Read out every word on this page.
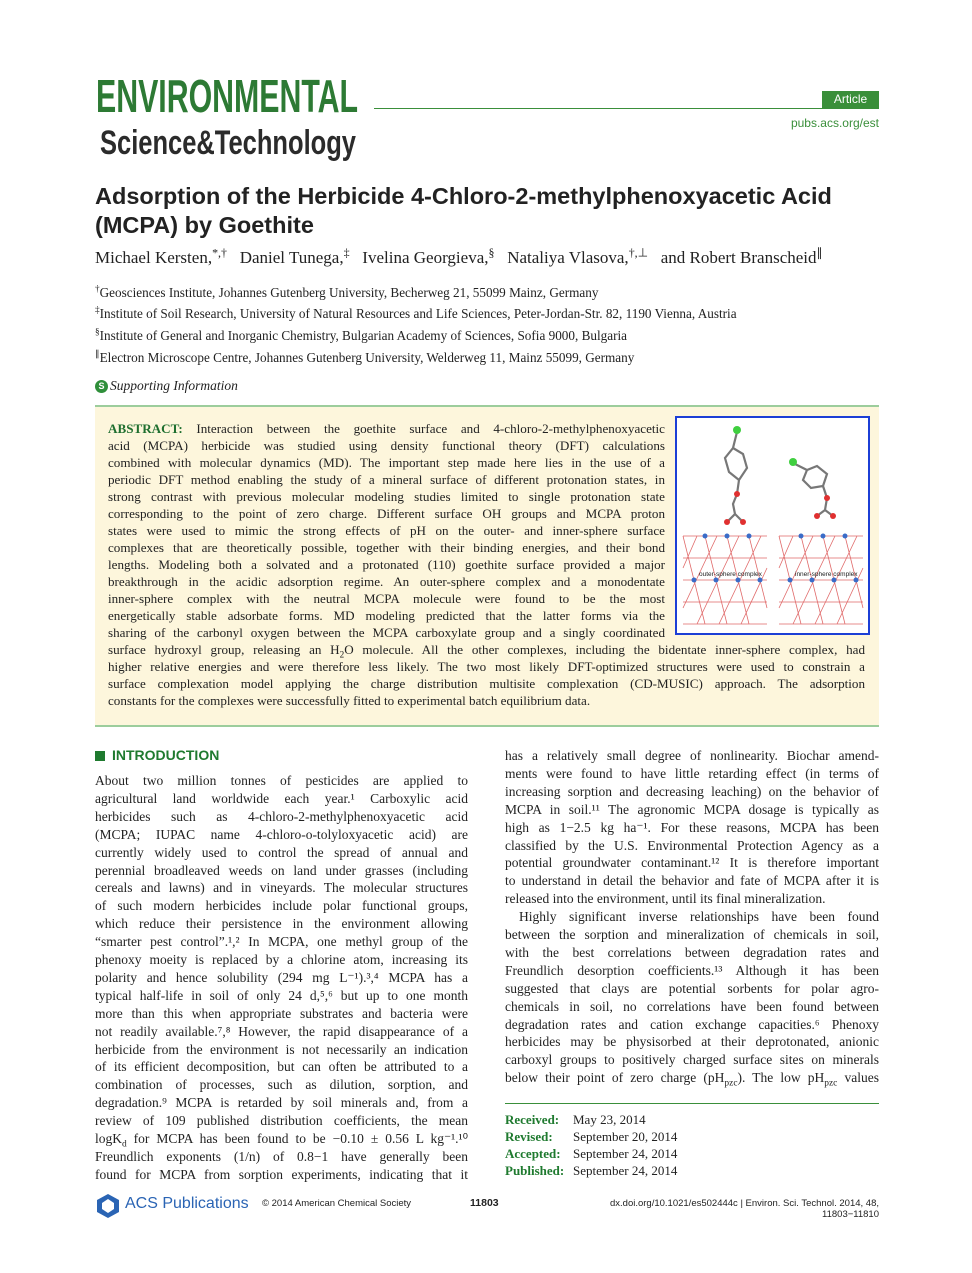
ENVIRONMENTAL
Science&Technology
Article
pubs.acs.org/est
Adsorption of the Herbicide 4-Chloro-2-methylphenoxyacetic Acid
(MCPA) by Goethite
Michael Kersten,*,† Daniel Tunega,‡ Ivelina Georgieva,§ Nataliya Vlasova,†,⊥ and Robert Branscheid∥
†Geosciences Institute, Johannes Gutenberg University, Becherweg 21, 55099 Mainz, Germany
‡Institute of Soil Research, University of Natural Resources and Life Sciences, Peter-Jordan-Str. 82, 1190 Vienna, Austria
§Institute of General and Inorganic Chemistry, Bulgarian Academy of Sciences, Sofia 9000, Bulgaria
∥Electron Microscope Centre, Johannes Gutenberg University, Welderweg 11, Mainz 55099, Germany
S Supporting Information
ABSTRACT: Interaction between the goethite surface and 4-chloro-2-methylphenoxyacetic
acid (MCPA) herbicide was studied using density functional theory (DFT) calculations
combined with molecular dynamics (MD). The important step made here lies in the use of a
periodic DFT method enabling the study of a mineral surface of different protonation states, in
strong contrast with previous molecular modeling studies limited to single protonation state
corresponding to the point of zero charge. Different surface OH groups and MCPA proton
states were used to mimic the strong effects of pH on the outer- and inner-sphere surface
complexes that are theoretically possible, together with their binding energies, and their bond
lengths. Modeling both a solvated and a protonated (110) goethite surface provided a major
breakthrough in the acidic adsorption regime. An outer-sphere complex and a monodentate
inner-sphere complex with the neutral MCPA molecule were found to be the most
energetically stable adsorbate forms. MD modeling predicted that the latter forms via the
sharing of the carbonyl oxygen between the MCPA carboxylate group and a singly coordinated
surface hydroxyl group, releasing an $H_2O$ molecule. All the other complexes, including the bidentate inner-sphere complex, had
higher relative energies and were therefore less likely. The two most likely DFT-optimized structures were used to constrain a
surface complexation model applying the charge distribution multisite complexation (CD-MUSIC) approach. The adsorption
constants for the complexes were successfully fitted to experimental batch equilibrium data.
outer-sphere complex	inner-sphere complex
INTRODUCTION
About two million tonnes of pesticides are applied to
agricultural land worldwide each year.¹ Carboxylic acid
herbicides such as 4-chloro-2-methylphenoxyacetic acid
(MCPA; IUPAC name 4-chloro-o-tolyloxyacetic acid) are
currently widely used to control the spread of annual and
perennial broadleaved weeds on land under grasses (including
cereals and lawns) and in vineyards. The molecular structures
of such modern herbicides include polar functional groups,
which reduce their persistence in the environment allowing
“smarter pest control”.¹,² In MCPA, one methyl group of the
phenoxy moeity is replaced by a chlorine atom, increasing its
polarity and hence solubility (294 mg L⁻¹).³,⁴ MCPA has a
typical half-life in soil of only 24 d,⁵,⁶ but up to one month
more than this when appropriate substrates and bacteria were
not readily available.⁷,⁸ However, the rapid disappearance of a
herbicide from the environment is not necessarily an indication
of its efficient decomposition, but can often be attributed to a
combination of processes, such as dilution, sorption, and
degradation.⁹ MCPA is retarded by soil minerals and, from a
review of 109 published distribution coefficients, the mean
logK$_d$ for MCPA has been found to be −0.10 ± 0.56 L kg⁻¹.¹⁰
Freundlich exponents (1/n) of 0.8−1 have generally been
found for MCPA from sorption experiments, indicating that it
has a relatively small degree of nonlinearity. Biochar amend-
ments were found to have little retarding effect (in terms of
increasing sorption and decreasing leaching) on the behavior of
MCPA in soil.¹¹ The agronomic MCPA dosage is typically as
high as 1−2.5 kg ha⁻¹. For these reasons, MCPA has been
classified by the U.S. Environmental Protection Agency as a
potential groundwater contaminant.¹² It is therefore important
to understand in detail the behavior and fate of MCPA after it is
released into the environment, until its final mineralization.
Highly significant inverse relationships have been found
between the sorption and mineralization of chemicals in soil,
with the best correlations between degradation rates and
Freundlich desorption coefficients.¹³ Although it has been
suggested that clays are potential sorbents for polar agro-
chemicals in soil, no correlations have been found between
degradation rates and cation exchange capacities.⁶ Phenoxy
herbicides may be physisorbed at their deprotonated, anionic
carboxyl groups to positively charged surface sites on minerals
below their point of zero charge $(pH_{pzc})$. The low $pH_{pzc}$ values
Received: May 23, 2014
Revised: September 20, 2014
Accepted: September 24, 2014
Published: September 24, 2014
ACS Publications © 2014 American Chemical Society	11803	dx.doi.org/10.1021/es502444c | Environ. Sci. Technol. 2014, 48, 11803−11810
